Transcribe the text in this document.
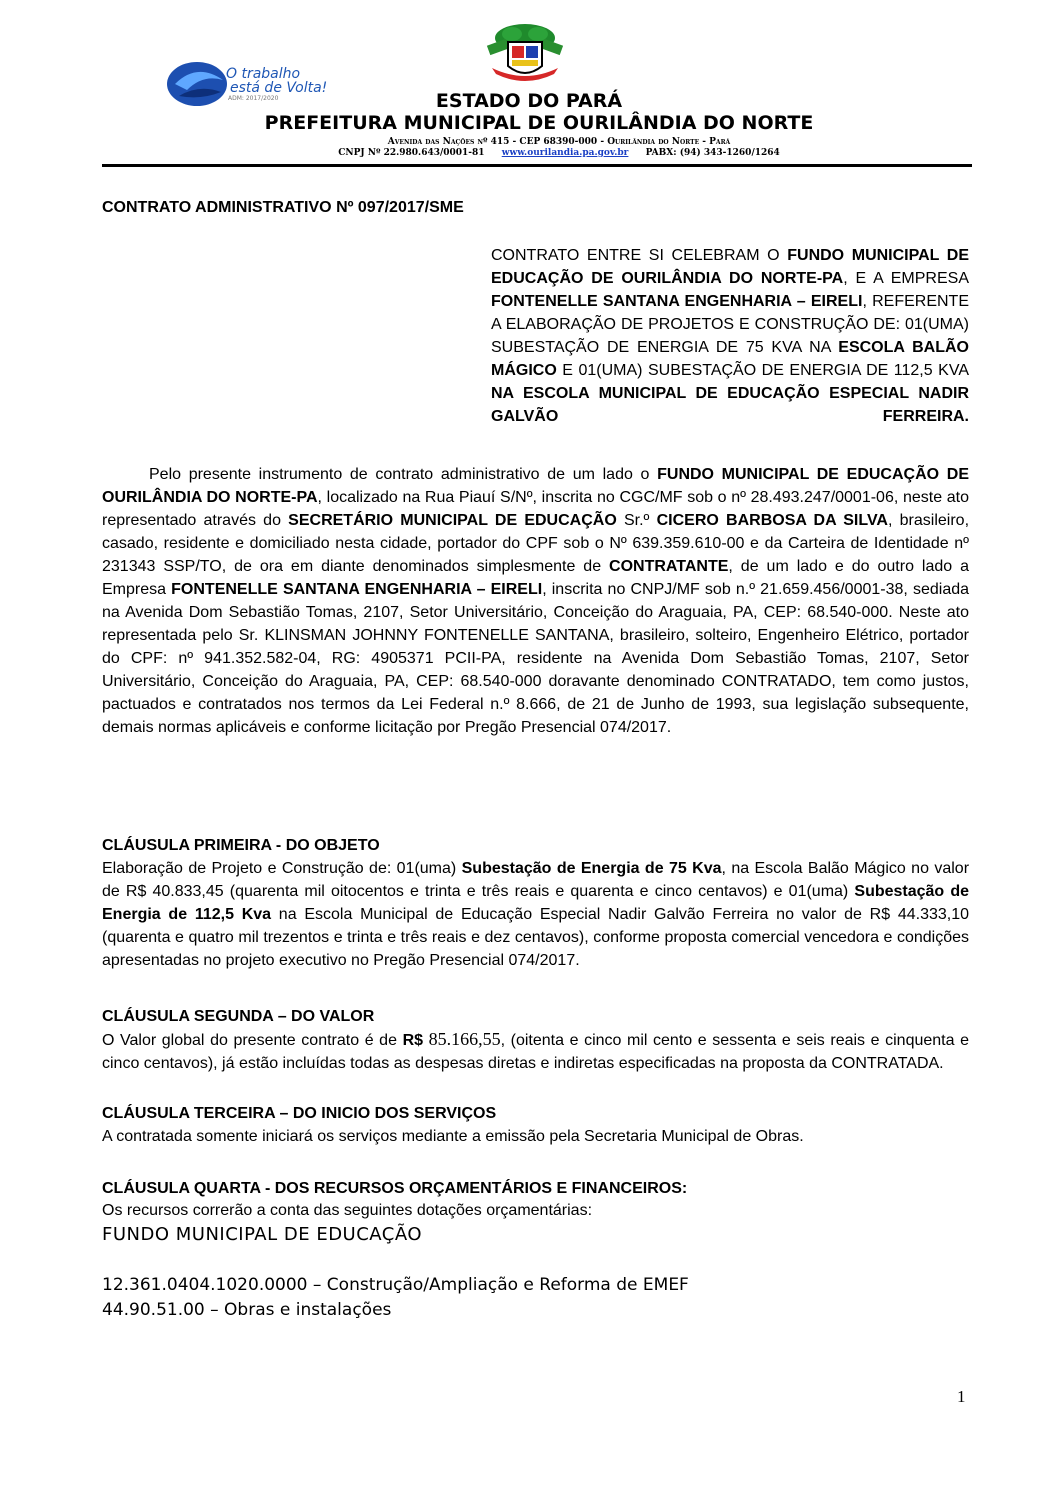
O trabalho
está de Volta!
ADM: 2017/2020	ESTADO DO PARÁ
PREFEITURA MUNICIPAL DE OURILÂNDIA DO NORTE
Avenida das Nações nº 415 - CEP 68390-000 - Ourilândia do Norte - Pará
CNPJ Nº 22.980.643/0001-81 www.ourilandia.pa.gov.br PABX: (94) 343-1260/1264
CONTRATO ADMINISTRATIVO Nº 097/2017/SME
CONTRATO ENTRE SI CELEBRAM O FUNDO MUNICIPAL DE EDUCAÇÃO DE OURILÂNDIA DO NORTE-PA, E A EMPRESA FONTENELLE SANTANA ENGENHARIA – EIRELI, REFERENTE A ELABORAÇÃO DE PROJETOS E CONSTRUÇÃO DE: 01(UMA) SUBESTAÇÃO DE ENERGIA DE 75 KVA NA ESCOLA BALÃO MÁGICO E 01(UMA) SUBESTAÇÃO DE ENERGIA DE 112,5 KVA NA ESCOLA MUNICIPAL DE EDUCAÇÃO ESPECIAL NADIR GALVÃO FERREIRA.
Pelo presente instrumento de contrato administrativo de um lado o FUNDO MUNICIPAL DE EDUCAÇÃO DE OURILÂNDIA DO NORTE-PA, localizado na Rua Piauí S/Nº, inscrita no CGC/MF sob o nº 28.493.247/0001-06, neste ato representado através do SECRETÁRIO MUNICIPAL DE EDUCAÇÃO Sr.º CICERO BARBOSA DA SILVA, brasileiro, casado, residente e domiciliado nesta cidade, portador do CPF sob o Nº 639.359.610-00 e da Carteira de Identidade nº 231343 SSP/TO, de ora em diante denominados simplesmente de CONTRATANTE, de um lado e do outro lado a Empresa FONTENELLE SANTANA ENGENHARIA – EIRELI, inscrita no CNPJ/MF sob n.º 21.659.456/0001-38, sediada na Avenida Dom Sebastião Tomas, 2107, Setor Universitário, Conceição do Araguaia, PA, CEP: 68.540-000. Neste ato representada pelo Sr. KLINSMAN JOHNNY FONTENELLE SANTANA, brasileiro, solteiro, Engenheiro Elétrico, portador do CPF: nº 941.352.582-04, RG: 4905371 PCII-PA, residente na Avenida Dom Sebastião Tomas, 2107, Setor Universitário, Conceição do Araguaia, PA, CEP: 68.540-000 doravante denominado CONTRATADO, tem como justos, pactuados e contratados nos termos da Lei Federal n.º 8.666, de 21 de Junho de 1993, sua legislação subsequente, demais normas aplicáveis e conforme licitação por Pregão Presencial 074/2017.
CLÁUSULA PRIMEIRA - DO OBJETO
Elaboração de Projeto e Construção de: 01(uma) Subestação de Energia de 75 Kva, na Escola Balão Mágico no valor de R$ 40.833,45 (quarenta mil oitocentos e trinta e três reais e quarenta e cinco centavos) e 01(uma) Subestação de Energia de 112,5 Kva na Escola Municipal de Educação Especial Nadir Galvão Ferreira no valor de R$ 44.333,10 (quarenta e quatro mil trezentos e trinta e três reais e dez centavos), conforme proposta comercial vencedora e condições apresentadas no projeto executivo no Pregão Presencial 074/2017.
CLÁUSULA SEGUNDA – DO VALOR
O Valor global do presente contrato é de R$ 85.166,55, (oitenta e cinco mil cento e sessenta e seis reais e cinquenta e cinco centavos), já estão incluídas todas as despesas diretas e indiretas especificadas na proposta da CONTRATADA.
CLÁUSULA TERCEIRA – DO INICIO DOS SERVIÇOS
A contratada somente iniciará os serviços mediante a emissão pela Secretaria Municipal de Obras.
CLÁUSULA QUARTA - DOS RECURSOS ORÇAMENTÁRIOS E FINANCEIROS:
Os recursos correrão a conta das seguintes dotações orçamentárias:
FUNDO MUNICIPAL DE EDUCAÇÃO
12.361.0404.1020.0000 – Construção/Ampliação e Reforma de EMEF
44.90.51.00 – Obras e instalações
1
